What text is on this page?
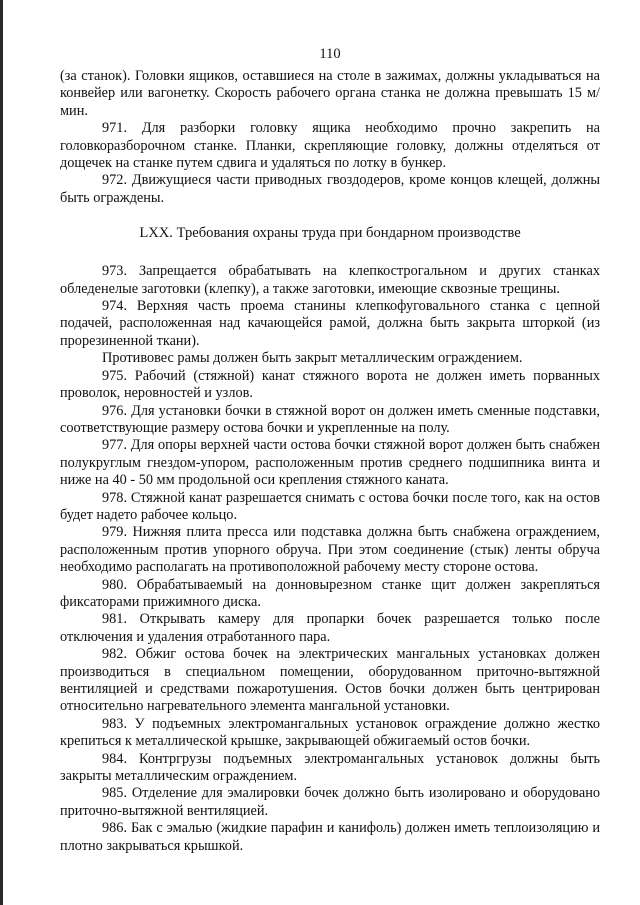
110

(за станок). Головки ящиков, оставшиеся на столе в зажимах, должны укладываться на конвейер или вагонетку. Скорость рабочего органа станка не должна превышать 15 м/мин.

971. Для разборки головку ящика необходимо прочно закрепить на головкоразборочном станке. Планки, скрепляющие головку, должны отделяться от дощечек на станке путем сдвига и удаляться по лотку в бункер.

972. Движущиеся части приводных гвоздодеров, кроме концов клещей, должны быть ограждены.

LXX. Требования охраны труда при бондарном производстве

973. Запрещается обрабатывать на клепкострогальном и других станках обледенелые заготовки (клепку), а также заготовки, имеющие сквозные трещины.

974. Верхняя часть проема станины клепкофуговального станка с цепной подачей, расположенная над качающейся рамой, должна быть закрыта шторкой (из прорезиненной ткани).

Противовес рамы должен быть закрыт металлическим ограждением.

975. Рабочий (стяжной) канат стяжного ворота не должен иметь порванных проволок, неровностей и узлов.

976. Для установки бочки в стяжной ворот он должен иметь сменные подставки, соответствующие размеру остова бочки и укрепленные на полу.

977. Для опоры верхней части остова бочки стяжной ворот должен быть снабжен полукруглым гнездом-упором, расположенным против среднего подшипника винта и ниже на 40 - 50 мм продольной оси крепления стяжного каната.

978. Стяжной канат разрешается снимать с остова бочки после того, как на остов будет надето рабочее кольцо.

979. Нижняя плита пресса или подставка должна быть снабжена ограждением, расположенным против упорного обруча. При этом соединение (стык) ленты обруча необходимо располагать на противоположной рабочему месту стороне остова.

980. Обрабатываемый на донновырезном станке щит должен закрепляться фиксаторами прижимного диска.

981. Открывать камеру для пропарки бочек разрешается только после отключения и удаления отработанного пара.

982. Обжиг остова бочек на электрических мангальных установках должен производиться в специальном помещении, оборудованном приточно-вытяжной вентиляцией и средствами пожаротушения. Остов бочки должен быть центрирован относительно нагревательного элемента мангальной установки.

983. У подъемных электромангальных установок ограждение должно жестко крепиться к металлической крышке, закрывающей обжигаемый остов бочки.

984. Контргрузы подъемных электромангальных установок должны быть закрыты металлическим ограждением.

985. Отделение для эмалировки бочек должно быть изолировано и оборудовано приточно-вытяжной вентиляцией.

986. Бак с эмалью (жидкие парафин и канифоль) должен иметь теплоизоляцию и плотно закрываться крышкой.
